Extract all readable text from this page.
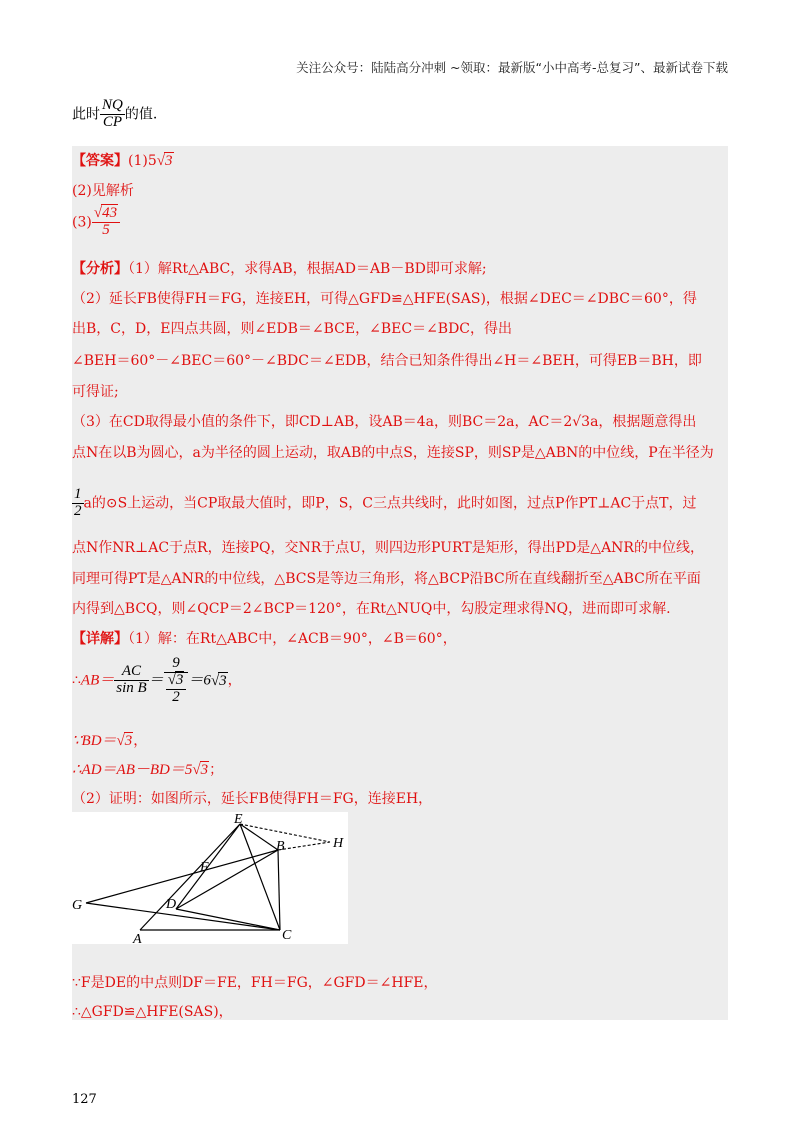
关注公众号：陆陆高分冲刺 ~领取：最新版“小中高考-总复习”、最新试卷下载
此时 $\frac{NQ}{CP}$ 的值.
【答案】(1)5√3
(2)见解析
$(3) \frac{√43}{5}$
【分析】（1）解Rt△ABC，求得AB，根据AD＝AB－BD即可求解;
（2）延长FB使得FH＝FG，连接EH，可得△GFD≌△HFE(SAS)，根据∠DEC＝∠DBC＝60°，得
出B，C，D，E四点共圆，则∠EDB＝∠BCE，∠BEC＝∠BDC，得出
∠BEH＝60°－∠BEC＝60°－∠BDC＝∠EDB，结合已知条件得出∠H＝∠BEH，可得EB＝BH，即
可得证;
（3）在CD取得最小值的条件下，即CD⊥AB，设AB＝4a，则BC＝2a，AC＝2√3a，根据题意得出
点N在以B为圆心，a为半径的圆上运动，取AB的中点S，连接SP，则SP是△ABN的中位线，P在半径为
$\frac{1}{2}$ a的⊙S上运动，当CP取最大值时，即P，S，C三点共线时，此时如图，过点P作PT⊥AC于点T，过
点N作NR⊥AC于点R，连接PQ，交NR于点U，则四边形PURT是矩形，得出PD是△ANR的中位线，
同理可得PT是△ANR的中位线，△BCS是等边三角形，将△BCP沿BC所在直线翻折至△ABC所在平面
内得到△BCQ，则∠QCP＝2∠BCP＝120°，在Rt△NUQ中，勾股定理求得NQ，进而即可求解.
【详解】（1）解：在Rt△ABC中，∠ACB＝90°，∠B＝60°，
∴AB＝ $\frac{AC}{\text{sin B}} = \frac{9}{\frac{√3}{2}} =6√3$，
∵BD＝√3，
∴AD＝AB－BD＝5√3；
（2）证明：如图所示，延长FB使得FH＝FG，连接EH，
E
B	H
F
G	D
A	C
∵F是DE的中点则DF＝FE，FH＝FG，∠GFD＝∠HFE，
∴△GFD≌△HFE(SAS)，
127
